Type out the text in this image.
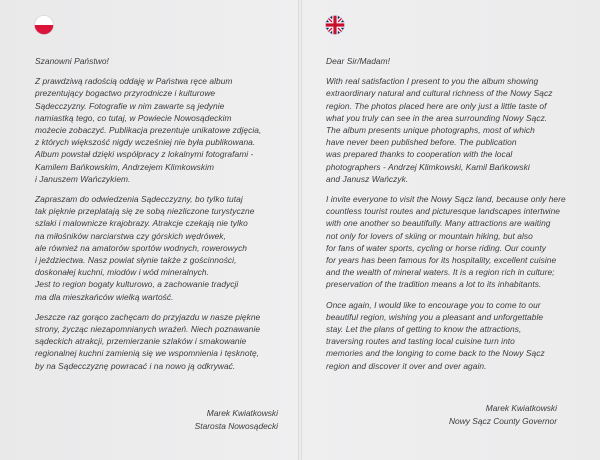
Szanowni Państwo!

Z prawdziwą radością oddaję w Państwa ręce album
prezentujący bogactwo przyrodnicze i kulturowe
Sądecczyzny. Fotografie w nim zawarte są jedynie
namiastką tego, co tutaj, w Powiecie Nowosądeckim
możecie zobaczyć. Publikacja prezentuje unikatowe zdjęcia,
z których większość nigdy wcześniej nie była publikowana.
Album powstał dzięki współpracy z lokalnymi fotografami -
Kamilem Bańkowskim, Andrzejem Klimkowskim
i Januszem Wańczykiem.

Zapraszam do odwiedzenia Sądecczyzny, bo tylko tutaj
tak pięknie przeplatają się ze sobą niezliczone turystyczne
szlaki i malownicze krajobrazy. Atrakcje czekają nie tylko
na miłośników narciarstwa czy górskich wędrówek,
ale również na amatorów sportów wodnych, rowerowych
i jeździectwa. Nasz powiat słynie także z gościnności,
doskonałej kuchni, miodów i wód mineralnych.
Jest to region bogaty kulturowo, a zachowanie tradycji
ma dla mieszkańców wielką wartość.

Jeszcze raz gorąco zachęcam do przyjazdu w nasze piękne
strony, życząc niezapomnianych wrażeń. Niech poznawanie
sądeckich atrakcji, przemierzanie szlaków i smakowanie
regionalnej kuchni zamienią się we wspomnienia i tęsknotę,
by na Sądecczyznę powracać i na nowo ją odkrywać.

Marek Kwiatkowski
Starosta Nowosądecki

Dear Sir/Madam!

With real satisfaction I present to you the album showing
extraordinary natural and cultural richness of the Nowy Sącz
region. The photos placed here are only just a little taste of
what you truly can see in the area surrounding Nowy Sącz.
The album presents unique photographs, most of which
have never been published before. The publication
was prepared thanks to cooperation with the local
photographers - Andrzej Klimkowski, Kamil Bańkowski
and Janusz Wańczyk.

I invite everyone to visit the Nowy Sącz land, because only here
countless tourist routes and picturesque landscapes intertwine
with one another so beautifully. Many attractions are waiting
not only for lovers of skiing or mountain hiking, but also
for fans of water sports, cycling or horse riding. Our county
for years has been famous for its hospitality, excellent cuisine
and the wealth of mineral waters. It is a region rich in culture;
preservation of the tradition means a lot to its inhabitants.

Once again, I would like to encourage you to come to our
beautiful region, wishing you a pleasant and unforgettable
stay. Let the plans of getting to know the attractions,
traversing routes and tasting local cuisine turn into
memories and the longing to come back to the Nowy Sącz
region and discover it over and over again.

Marek Kwiatkowski
Nowy Sącz County Governor
